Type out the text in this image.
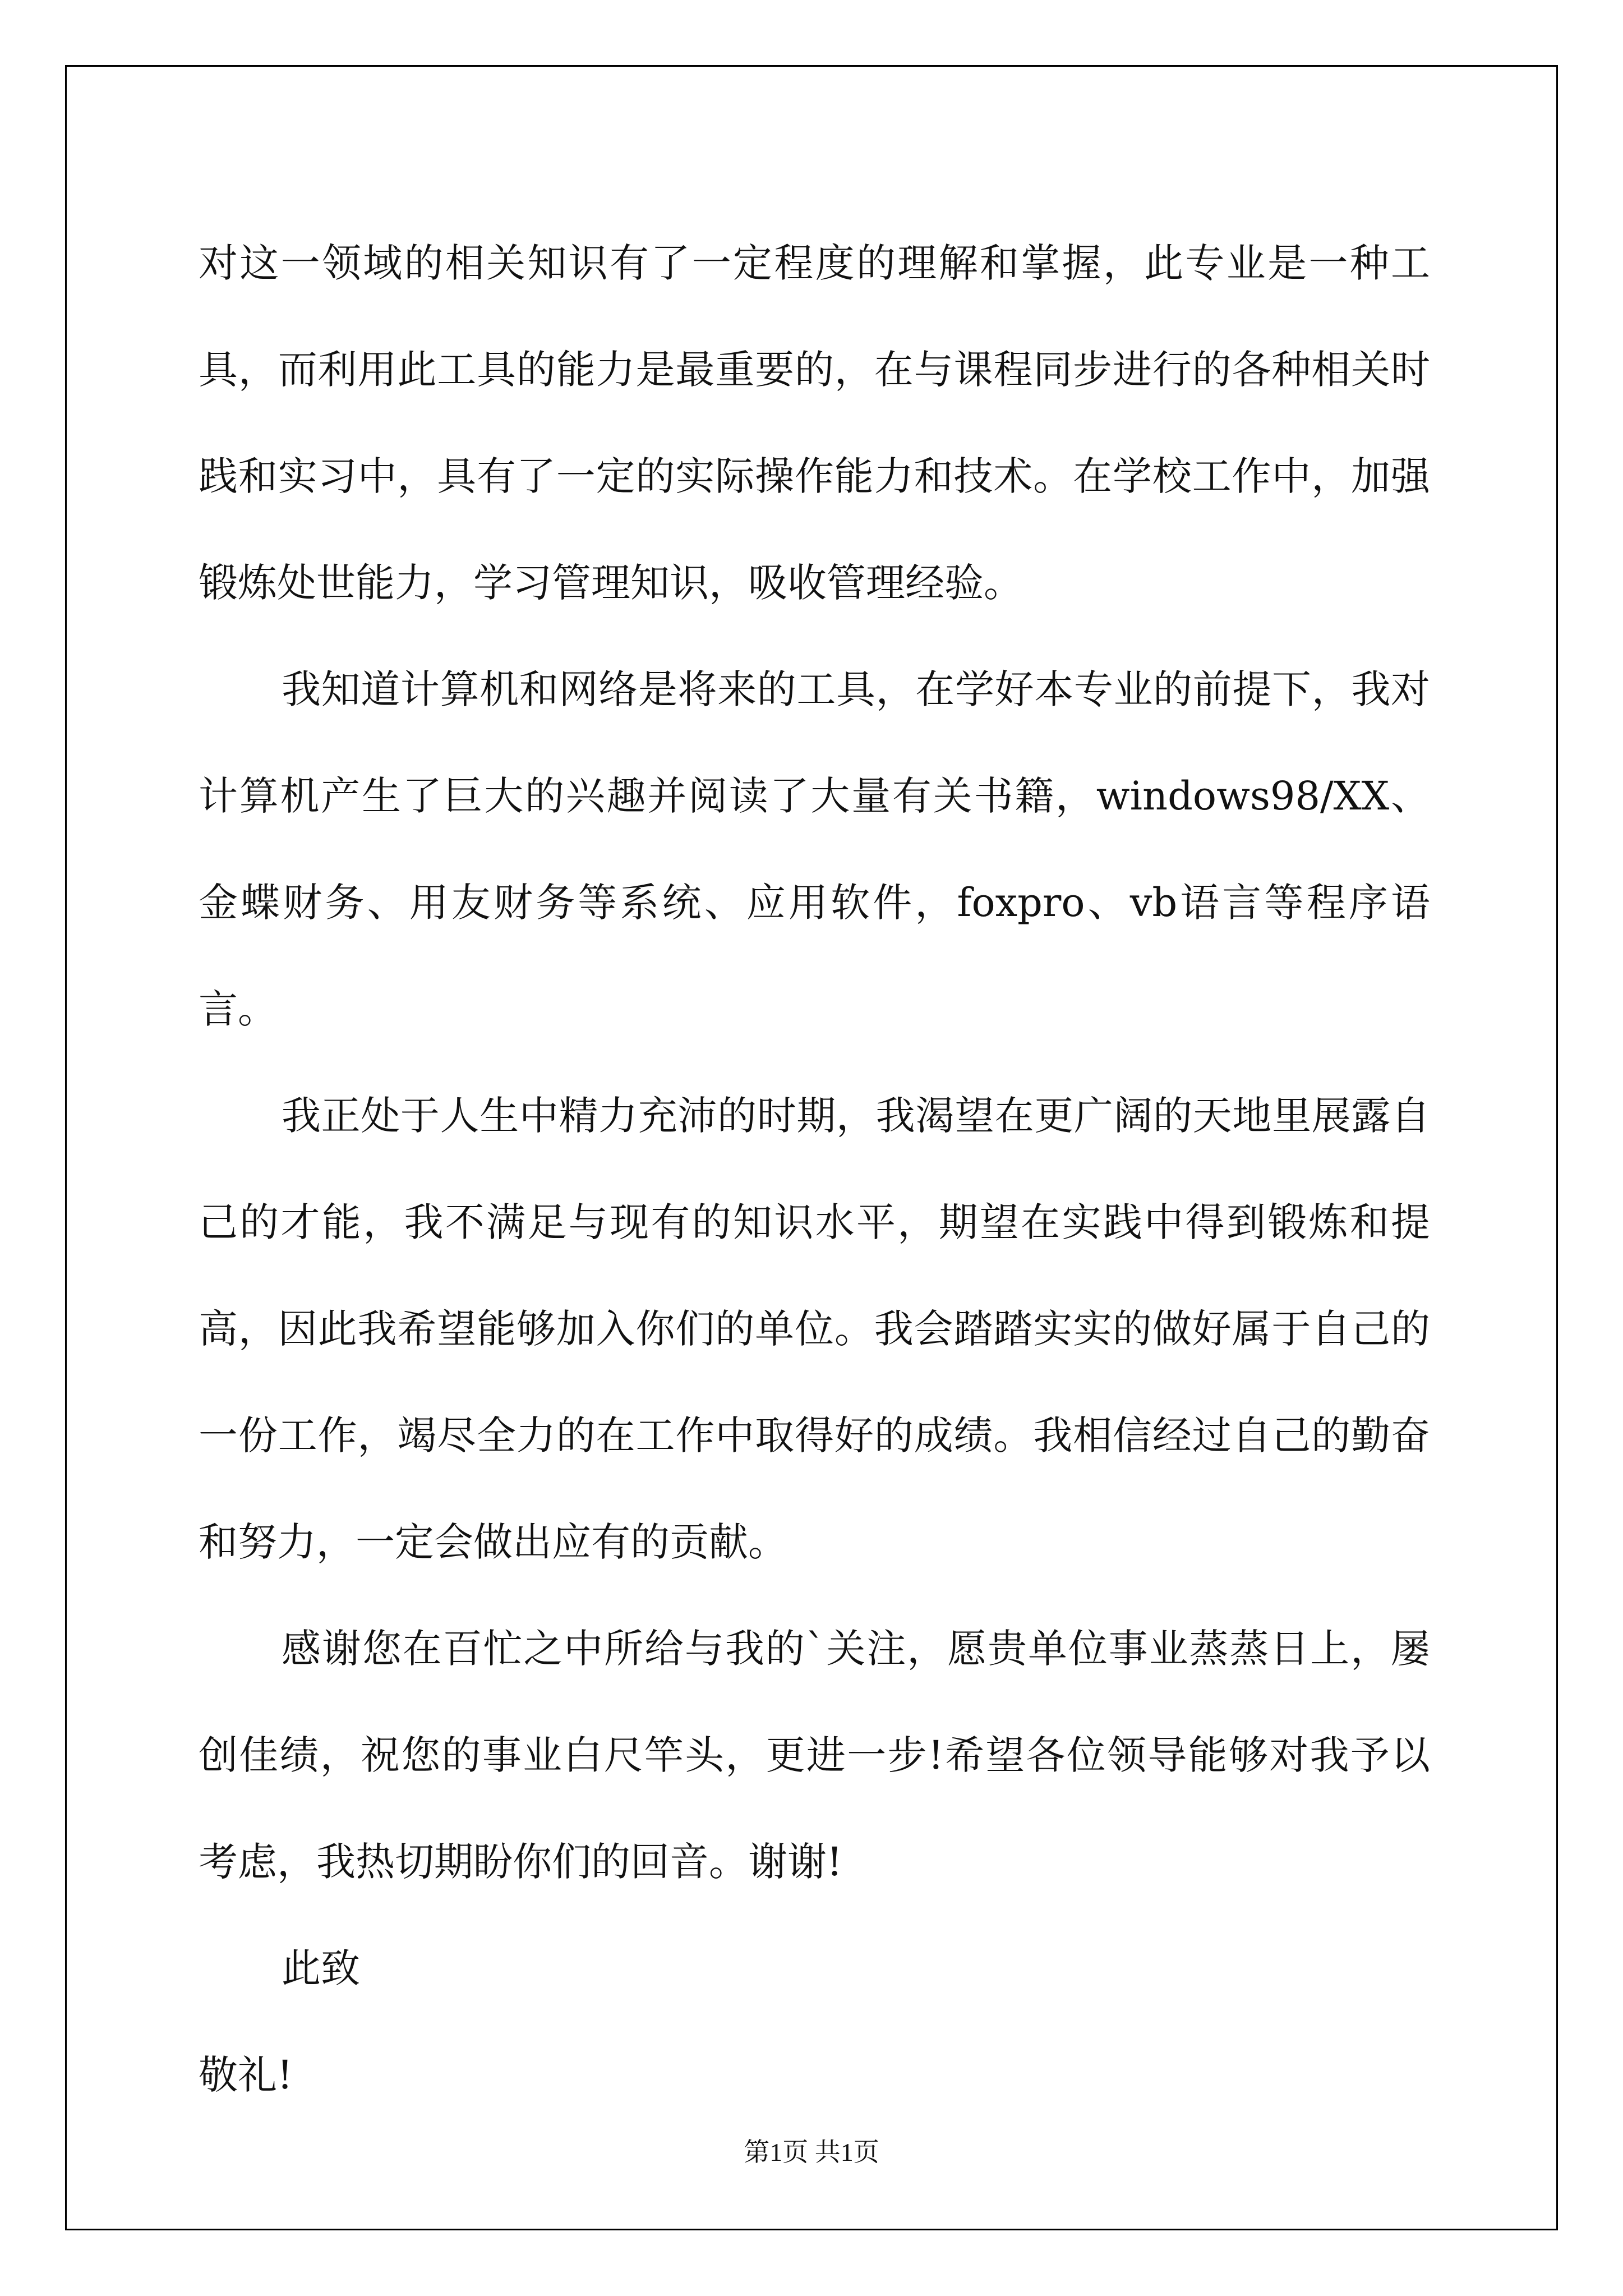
对这一领域的相关知识有了一定程度的理解和掌握，此专业是一种工具，而利用此工具的能力是最重要的，在与课程同步进行的各种相关时践和实习中，具有了一定的实际操作能力和技术。在学校工作中，加强锻炼处世能力，学习管理知识，吸收管理经验。

我知道计算机和网络是将来的工具，在学好本专业的前提下，我对计算机产生了巨大的兴趣并阅读了大量有关书籍，windows98/XX、金蝶财务、用友财务等系统、应用软件，foxpro、vb语言等程序语言。

我正处于人生中精力充沛的时期，我渴望在更广阔的天地里展露自己的才能，我不满足与现有的知识水平，期望在实践中得到锻炼和提高，因此我希望能够加入你们的单位。我会踏踏实实的做好属于自己的一份工作，竭尽全力的在工作中取得好的成绩。我相信经过自己的勤奋和努力，一定会做出应有的贡献。

感谢您在百忙之中所给与我的`关注，愿贵单位事业蒸蒸日上，屡创佳绩，祝您的事业白尺竿头，更进一步!希望各位领导能够对我予以考虑，我热切期盼你们的回音。谢谢!

此致

敬礼!

第1页 共1页
